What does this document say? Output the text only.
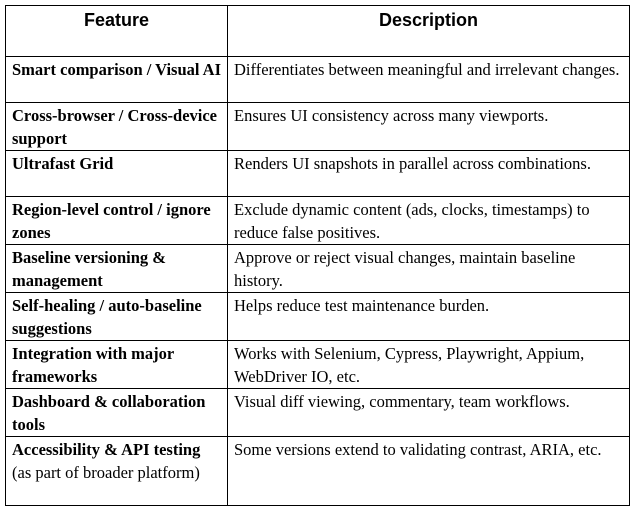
Feature	Description
Smart comparison / Visual AI	Differentiates between meaningful and irrelevant changes.
Cross-browser / Cross-device support	Ensures UI consistency across many viewports.
Ultrafast Grid	Renders UI snapshots in parallel across combinations.
Region-level control / ignore zones	Exclude dynamic content (ads, clocks, timestamps) to reduce false positives.
Baseline versioning & management	Approve or reject visual changes, maintain baseline history.
Self-healing / auto-baseline suggestions	Helps reduce test maintenance burden.
Integration with major frameworks	Works with Selenium, Cypress, Playwright, Appium, WebDriver IO, etc.
Dashboard & collaboration tools	Visual diff viewing, commentary, team workflows.
Accessibility & API testing (as part of broader platform)	Some versions extend to validating contrast, ARIA, etc.
